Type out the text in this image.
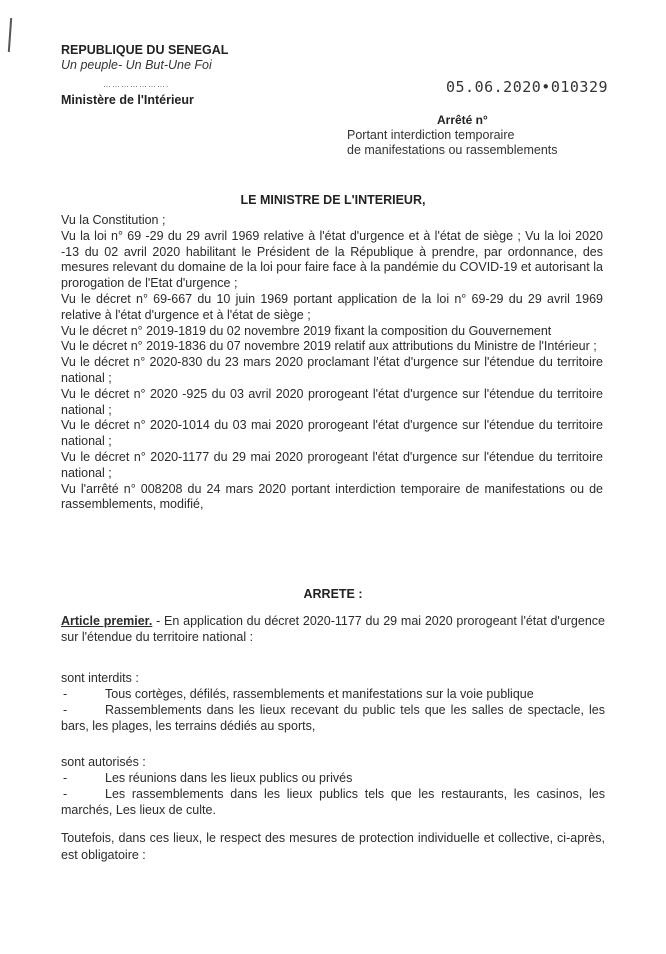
REPUBLIQUE DU SENEGAL
Un peuple- Un But-Une Foi
………………….
Ministère de l'Intérieur
05.06.2020•010329
Arrêté n°
Portant interdiction temporaire
de manifestations ou rassemblements
LE MINISTRE DE L'INTERIEUR,

Vu la Constitution ;

Vu la loi n° 69 -29 du 29 avril 1969 relative à l'état d'urgence et à l'état de siège ; Vu la loi 2020 -13 du 02 avril 2020 habilitant le Président de la République à prendre, par ordonnance, des mesures relevant du domaine de la loi pour faire face à la pandémie du COVID-19 et autorisant la prorogation de l'Etat d'urgence ;

Vu le décret n° 69-667 du 10 juin 1969 portant application de la loi n° 69-29 du 29 avril 1969 relative à l'état d'urgence et à l'état de siège ;

Vu le décret n° 2019-1819 du 02 novembre 2019 fixant la composition du Gouvernement

Vu le décret n° 2019-1836 du 07 novembre 2019 relatif aux attributions du Ministre de l'Intérieur ;

Vu le décret n° 2020-830 du 23 mars 2020 proclamant l'état d'urgence sur l'étendue du territoire national ;

Vu le décret n° 2020 -925 du 03 avril 2020 prorogeant l'état d'urgence sur l'étendue du territoire national ;

Vu le décret n° 2020-1014 du 03 mai 2020 prorogeant l'état d'urgence sur l'étendue du territoire national ;

Vu le décret n° 2020-1177 du 29 mai 2020 prorogeant l'état d'urgence sur l'étendue du territoire national ;

Vu l'arrêté n° 008208 du 24 mars 2020 portant interdiction temporaire de manifestations ou de rassemblements, modifié,

ARRETE :
Article premier. - En application du décret 2020-1177 du 29 mai 2020 prorogeant l'état d'urgence sur l'étendue du territoire national :

sont interdits :

-	Tous cortèges, défilés, rassemblements et manifestations sur la voie publique

-	Rassemblements dans les lieux recevant du public tels que les salles de spectacle, les bars, les plages, les terrains dédiés au sports,

sont autorisés :

-	Les réunions dans les lieux publics ou privés

-	Les rassemblements dans les lieux publics tels que les restaurants, les casinos, les marchés, Les lieux de culte.

Toutefois, dans ces lieux, le respect des mesures de protection individuelle et collective, ci-après, est obligatoire :
